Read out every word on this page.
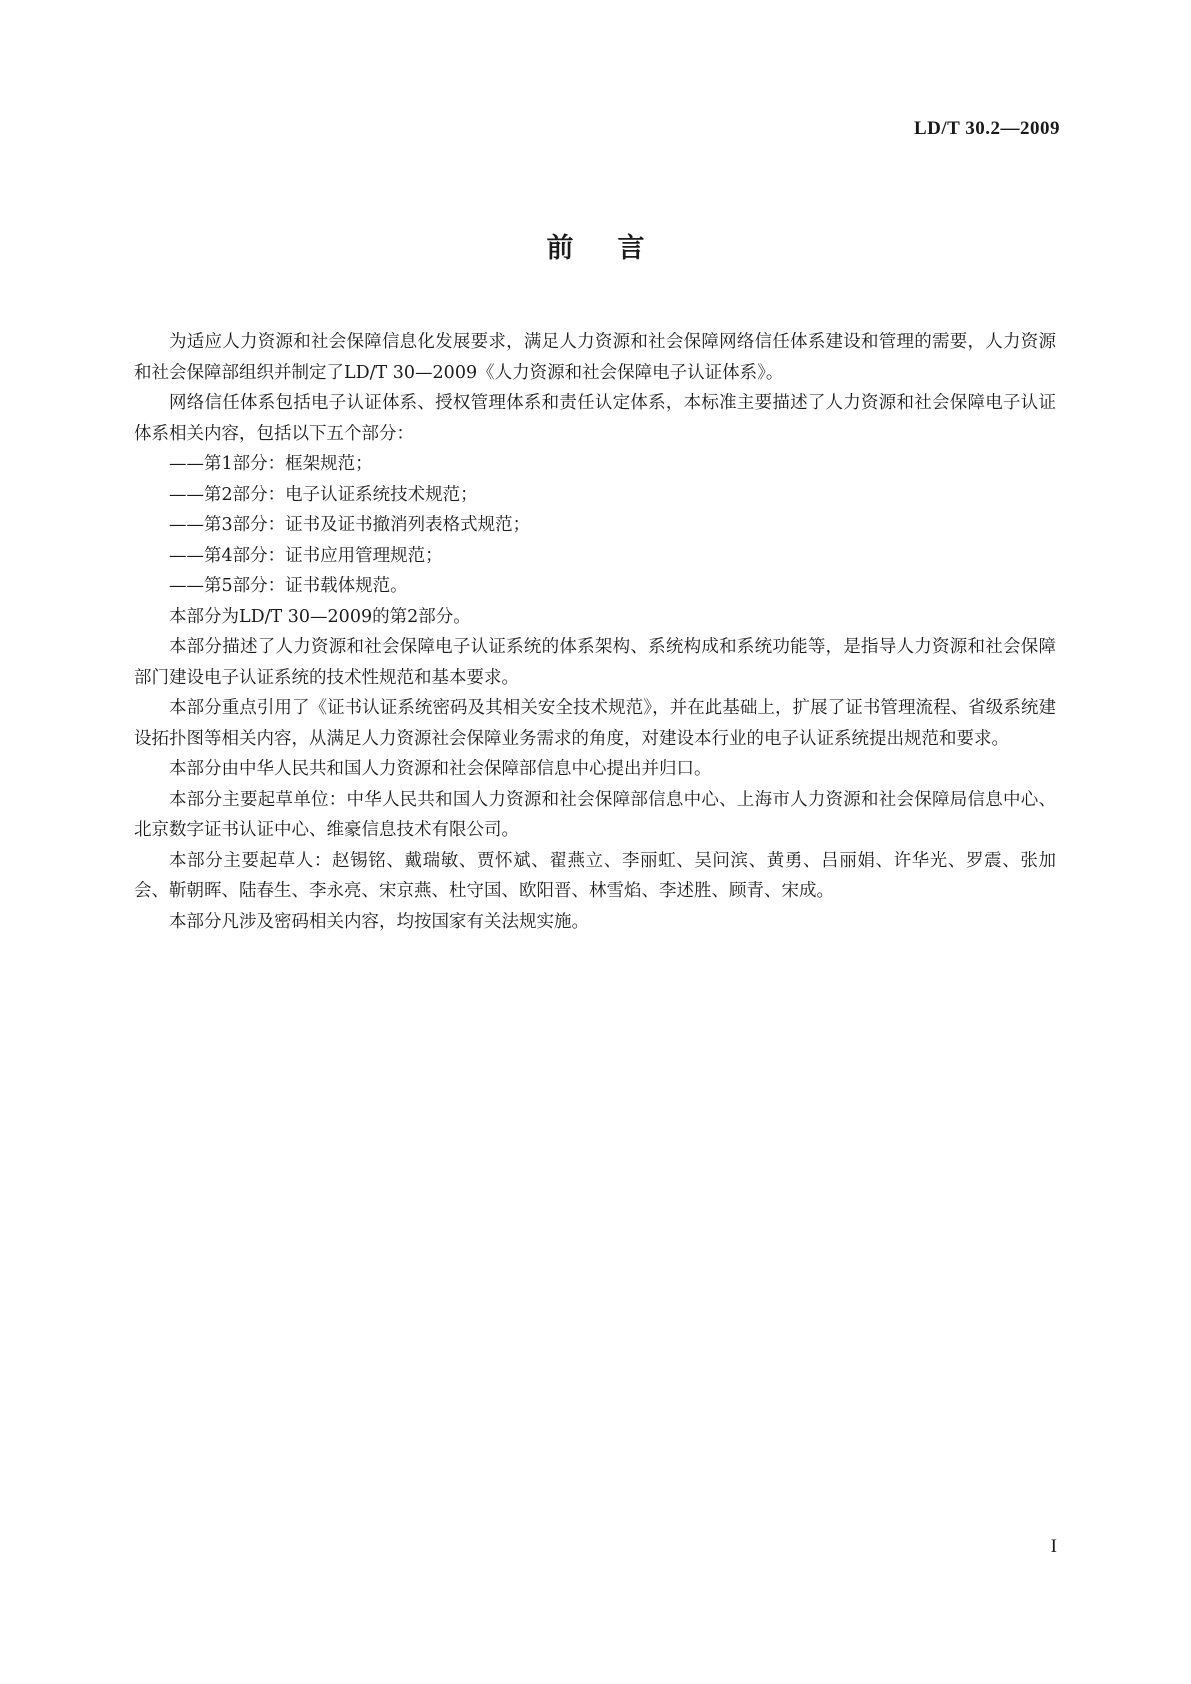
LD/T 30.2—2009

前言

为适应人力资源和社会保障信息化发展要求，满足人力资源和社会保障网络信任体系建设和管理的需要，人力资源和社会保障部组织并制定了LD/T 30—2009《人力资源和社会保障电子认证体系》。

网络信任体系包括电子认证体系、授权管理体系和责任认定体系，本标准主要描述了人力资源和社会保障电子认证体系相关内容，包括以下五个部分：

——第1部分：框架规范；

——第2部分：电子认证系统技术规范；

——第3部分：证书及证书撤消列表格式规范；

——第4部分：证书应用管理规范；

——第5部分：证书载体规范。

本部分为LD/T 30—2009的第2部分。

本部分描述了人力资源和社会保障电子认证系统的体系架构、系统构成和系统功能等，是指导人力资源和社会保障部门建设电子认证系统的技术性规范和基本要求。

本部分重点引用了《证书认证系统密码及其相关安全技术规范》，并在此基础上，扩展了证书管理流程、省级系统建设拓扑图等相关内容，从满足人力资源社会保障业务需求的角度，对建设本行业的电子认证系统提出规范和要求。

本部分由中华人民共和国人力资源和社会保障部信息中心提出并归口。

本部分主要起草单位：中华人民共和国人力资源和社会保障部信息中心、上海市人力资源和社会保障局信息中心、北京数字证书认证中心、维豪信息技术有限公司。

本部分主要起草人：赵锡铭、戴瑞敏、贾怀斌、翟燕立、李丽虹、吴问滨、黄勇、吕丽娟、许华光、罗震、张加会、靳朝晖、陆春生、李永亮、宋京燕、杜守国、欧阳晋、林雪焰、李述胜、顾青、宋成。

本部分凡涉及密码相关内容，均按国家有关法规实施。

I
